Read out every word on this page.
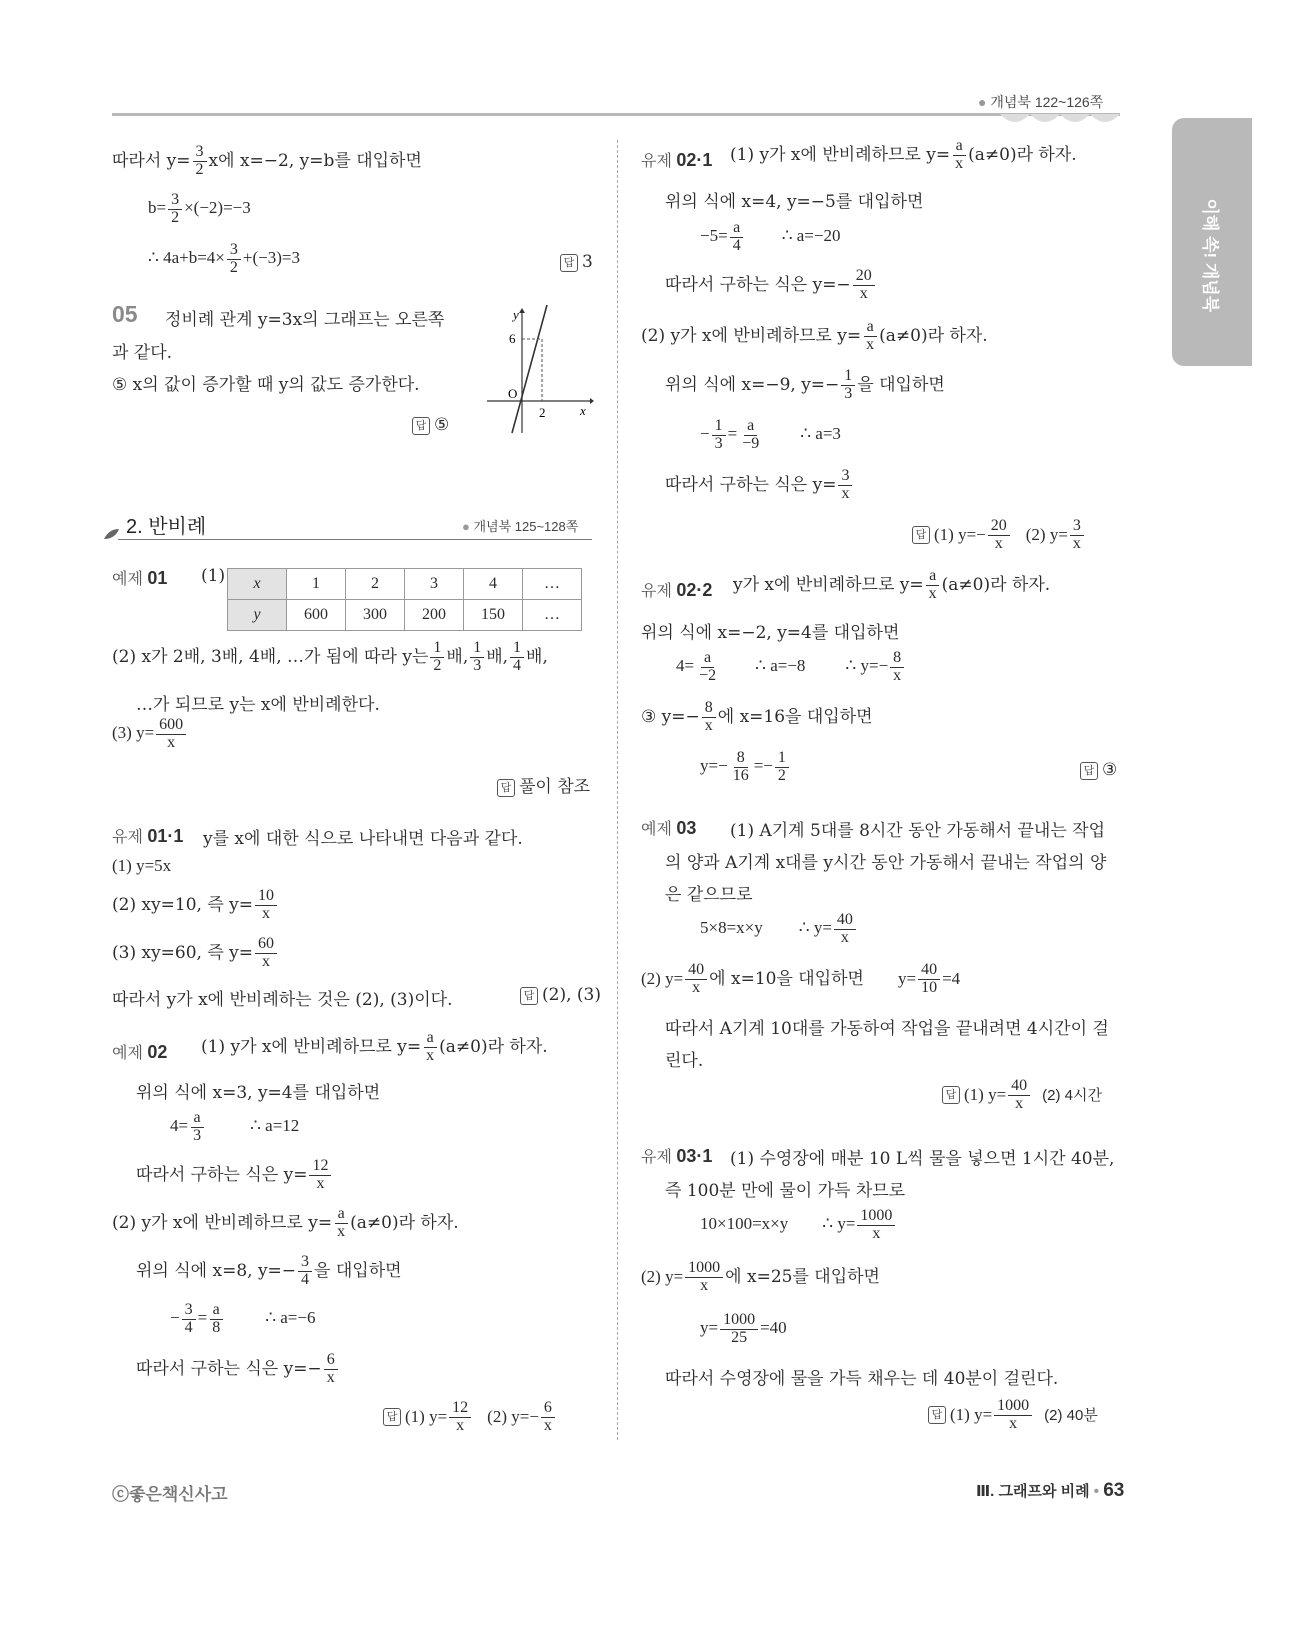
● 개념북 122~126쪽
이해 쏙! 개념북
따라서 $y= \frac{3}{2}$ x에 x=−2, y=b를 대입하면
$b= \frac{3}{2} \times(-2)=-3$
∴ $4a+b=4\times \frac{3}{2} +(-3)=3$	답 3
05 정비례 관계 y=3x의 그래프는 오른쪽
과 같다.
⑤ x의 값이 증가할 때 y의 값도 증가한다.
답 ⑤
y
x
O
6
2
2. 반비례	● 개념북 125~128쪽
예제 01 (1) x	1	2	3	4	…
y	600	300	200	150	…
(2) x가 2배, 3배, 4배, …가 됨에 따라 y는 $\frac{1}{2}$ 배, $\frac{1}{3}$ 배, $\frac{1}{4}$ 배,
…가 되므로 y는 x에 반비례한다.
(3) $y= \frac{600}{x}$
답 풀이 참조
유제 01·1 y를 x에 대한 식으로 나타내면 다음과 같다.
(1) y=5x
(2) xy=10, 즉 $y= \frac{10}{x}$
(3) xy=60, 즉 $y= \frac{60}{x}$
따라서 y가 x에 반비례하는 것은 (2), (3)이다.	답 (2), (3)
예제 02 (1) y가 x에 반비례하므로 $y= \frac{a}{x} (a\ne 0)$라 하자.
위의 식에 x=3, y=4를 대입하면
$4= \frac{a}{3}$	∴ a=12
따라서 구하는 식은 $y= \frac{12}{x}$
(2) y가 x에 반비례하므로 $y= \frac{a}{x} (a\ne 0)$라 하자.
위의 식에 x=8, $y=- \frac{3}{4}$ 을 대입하면
− $\frac{3}{4} = \frac{a}{8}$ ∴ a=−6
따라서 구하는 식은 $y=- \frac{6}{x}$
답 (1) $y= \frac{12}{x} (2)$ $y=- \frac{6}{x}$
유제 02·1 (1) y가 x에 반비례하므로 $y= \frac{a}{x} (a\ne 0)$라 하자.
위의 식에 x=4, y=−5를 대입하면
$-5= \frac{a}{4}$ ∴ a=−20
따라서 구하는 식은 $y=- \frac{20}{x}$
(2) y가 x에 반비례하므로 $y= \frac{a}{x} (a\ne 0)$라 하자.
위의 식에 x=−9, $y=- \frac{1}{3}$ 을 대입하면
− $\frac{1}{3} = \frac{a}{-9}$ ∴ a=3
따라서 구하는 식은 $y= \frac{3}{x}$
답 (1) $y=- \frac{20}{x} (2)$ $y= \frac{3}{x}$
유제 02·2 y가 x에 반비례하므로 $y= \frac{a}{x} (a\ne 0)$라 하자.
위의 식에 x=−2, y=4를 대입하면
$4= \frac{a}{-2}$ ∴ a=−8 ∴ $y=- \frac{8}{x}$
③ $y=- \frac{8}{x}$ 에 x=16을 대입하면
$y=- \frac{8}{16} =- \frac{1}{2}$	답 ③
예제 03 (1) A기계 5대를 8시간 동안 가동해서 끝내는 작업
의 양과 A기계 x대를 y시간 동안 가동해서 끝내는 작업의 양
은 같으므로
5×8=x×y ∴ $y= \frac{40}{x}$
(2) $y= \frac{40}{x}$ 에 x=10을 대입하면 $y= \frac{40}{10} =4$
따라서 A기계 10대를 가동하여 작업을 끝내려면 4시간이 걸
린다.
답 (1) $y= \frac{40}{x} (2)$ 4시간
유제 03·1 (1) 수영장에 매분 10 L씩 물을 넣으면 1시간 40분,
즉 100분 만에 물이 가득 차므로
10×100=x×y ∴ $y= \frac{1000}{x}$
(2) $y= \frac{1000}{x}$ 에 x=25를 대입하면
$y= \frac{1000}{25} =40$
따라서 수영장에 물을 가득 채우는 데 40분이 걸린다.
답 (1) $y= \frac{1000}{x} (2)$ 40분
ⓒ좋은책신사고	Ⅲ. 그래프와 비례 • 63
